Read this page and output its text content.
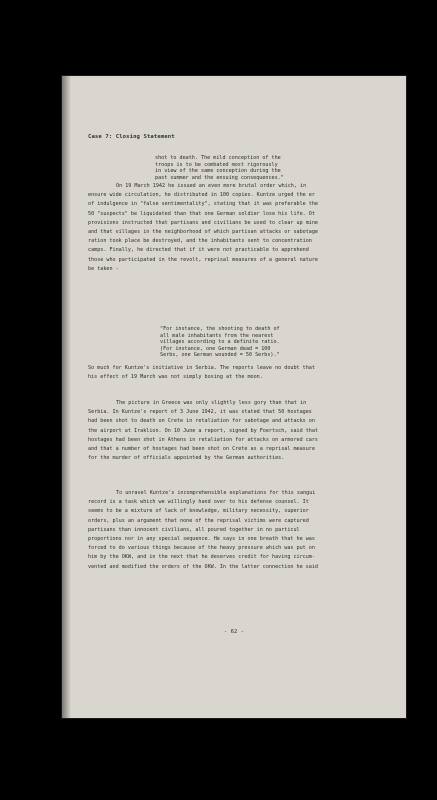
Case 7: Closing Statement
shot to death. The mild conception of the
troops is to be combated most rigorously
in view of the same conception during the
past summer and the ensuing consequences."
On 19 March 1942 he issued an even more brutal order which, in
ensure wide circulation, he distributed in 100 copies. Kuntze urged the er
of indulgence in "false sentimentality", stating that it was preferable the
50 "suspects" be liquidated than that one German soldier lose his life. Ot
provisions instructed that partisans and civilians be used to clear up mine
and that villages in the neighborhood of which partisan attacks or sabotage
ration took place be destroyed, and the inhabitants sent to concentration
camps. Finally, he directed that if it were not practicable to apprehend
those who participated in the revolt, reprisal measures of a general nature
be taken -
"For instance, the shooting to death of
all male inhabitants from the nearest
villages according to a definite ratio.
(For instance, one German dead = 100
Serbs, one German wounded = 50 Serbs)."
So much for Kuntze's initiative in Serbia. The reports leave no doubt that
his effect of 19 March was not simply boxing at the moon.
The picture in Greece was only slightly less gory than that in
Serbia. In Kuntze's report of 3 June 1942, it was stated that 50 hostages
had been shot to death on Crete in retaliation for sabotage and attacks on
the airport at Iraklion. On 10 June a report, signed by Foertsch, said that
hostages had been shot in Athens in retaliation for attacks on armored cars
and that a number of hostages had been shot on Crete as a reprisal measure
for the murder of officials appointed by the German authorities.
To unravel Kuntze's incomprehensible explanations for this sangui
record is a task which we willingly hand over to his defense counsel. It
seems to be a mixture of lack of knowledge, military necessity, superior
orders, plus an argument that none of the reprisal victims were captured
partisans than innocent civilians, all poured together in no particul
proportions nor in any special sequence. He says in one breath that he was
forced to do various things because of the heavy pressure which was put on
him by the OKW, and in the next that he deserves credit for having circum-
vented and modified the orders of the OKW. In the latter connection he said
- 62 -
